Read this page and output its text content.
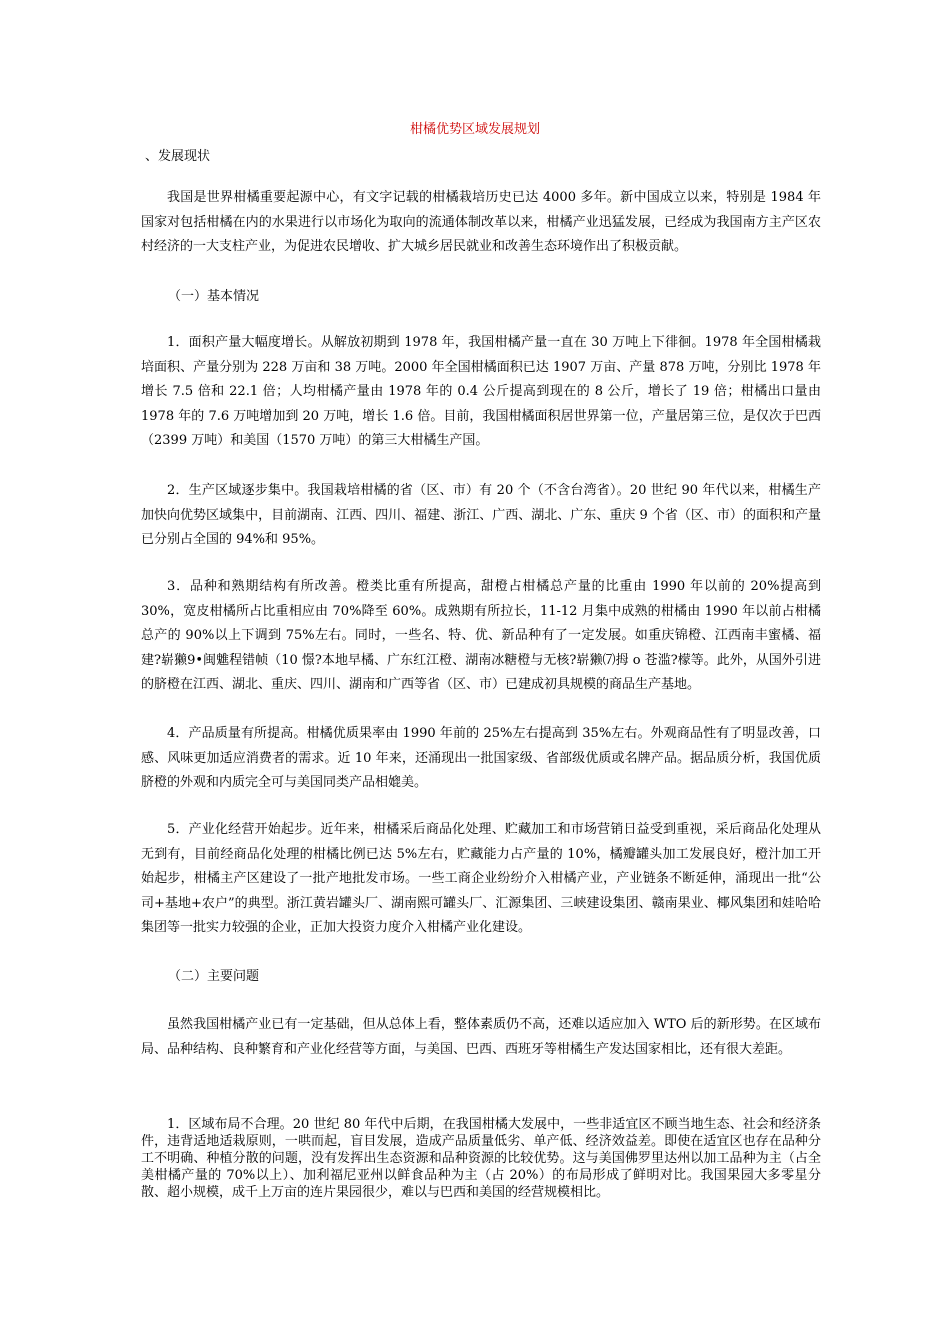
柑橘优势区域发展规划
、发展现状

我国是世界柑橘重要起源中心，有文字记载的柑橘栽培历史已达 4000 多年。新中国成立以来，特别是 1984 年国家对包括柑橘在内的水果进行以市场化为取向的流通体制改革以来，柑橘产业迅猛发展，已经成为我国南方主产区农村经济的一大支柱产业，为促进农民增收、扩大城乡居民就业和改善生态环境作出了积极贡献。

（一）基本情况

1．面积产量大幅度增长。从解放初期到 1978 年，我国柑橘产量一直在 30 万吨上下徘徊。1978 年全国柑橘栽培面积、产量分别为 228 万亩和 38 万吨。2000 年全国柑橘面积已达 1907 万亩、产量 878 万吨，分别比 1978 年增长 7.5 倍和 22.1 倍；人均柑橘产量由 1978 年的 0.4 公斤提高到现在的 8 公斤，增长了 19 倍；柑橘出口量由 1978 年的 7.6 万吨增加到 20 万吨，增长 1.6 倍。目前，我国柑橘面积居世界第一位，产量居第三位，是仅次于巴西（2399 万吨）和美国（1570 万吨）的第三大柑橘生产国。

2．生产区域逐步集中。我国栽培柑橘的省（区、市）有 20 个（不含台湾省）。20 世纪 90 年代以来，柑橘生产加快向优势区域集中，目前湖南、江西、四川、福建、浙江、广西、湖北、广东、重庆 9 个省（区、市）的面积和产量已分别占全国的 94%和 95%。

3．品种和熟期结构有所改善。橙类比重有所提高，甜橙占柑橘总产量的比重由 1990 年以前的 20%提高到 30%，宽皮柑橘所占比重相应由 70%降至 60%。成熟期有所拉长，11-12 月集中成熟的柑橘由 1990 年以前占柑橘总产的 90%以上下调到 75%左右。同时，一些名、特、优、新品种有了一定发展。如重庆锦橙、江西南丰蜜橘、福建?崭獭9•闽魋程错帧（10 憬?本地早橘、广东红江橙、湖南冰糖橙与无核?崭獭⑺拇 o 苍滥?檬等。此外，从国外引进的脐橙在江西、湖北、重庆、四川、湖南和广西等省（区、市）已建成初具规模的商品生产基地。

4．产品质量有所提高。柑橘优质果率由 1990 年前的 25%左右提高到 35%左右。外观商品性有了明显改善，口感、风味更加适应消费者的需求。近 10 年来，还涌现出一批国家级、省部级优质或名牌产品。据品质分析，我国优质脐橙的外观和内质完全可与美国同类产品相媲美。

5．产业化经营开始起步。近年来，柑橘采后商品化处理、贮藏加工和市场营销日益受到重视，采后商品化处理从无到有，目前经商品化处理的柑橘比例已达 5%左右，贮藏能力占产量的 10%，橘瓣罐头加工发展良好，橙汁加工开始起步，柑橘主产区建设了一批产地批发市场。一些工商企业纷纷介入柑橘产业，产业链条不断延伸，涌现出一批“公司+基地+农户”的典型。浙江黄岩罐头厂、湖南熙可罐头厂、汇源集团、三峡建设集团、赣南果业、椰风集团和娃哈哈集团等一批实力较强的企业，正加大投资力度介入柑橘产业化建设。

（二）主要问题

虽然我国柑橘产业已有一定基础，但从总体上看，整体素质仍不高，还难以适应加入 WTO 后的新形势。在区域布局、品种结构、良种繁育和产业化经营等方面，与美国、巴西、西班牙等柑橘生产发达国家相比，还有很大差距。

1．区域布局不合理。20 世纪 80 年代中后期，在我国柑橘大发展中，一些非适宜区不顾当地生态、社会和经济条件，违背适地适栽原则，一哄而起，盲目发展，造成产品质量低劣、单产低、经济效益差。即使在适宜区也存在品种分工不明确、种植分散的问题，没有发挥出生态资源和品种资源的比较优势。这与美国佛罗里达州以加工品种为主（占全美柑橘产量的 70%以上）、加利福尼亚州以鲜食品种为主（占 20%）的布局形成了鲜明对比。我国果园大多零星分散、超小规模，成千上万亩的连片果园很少，难以与巴西和美国的经营规模相比。
